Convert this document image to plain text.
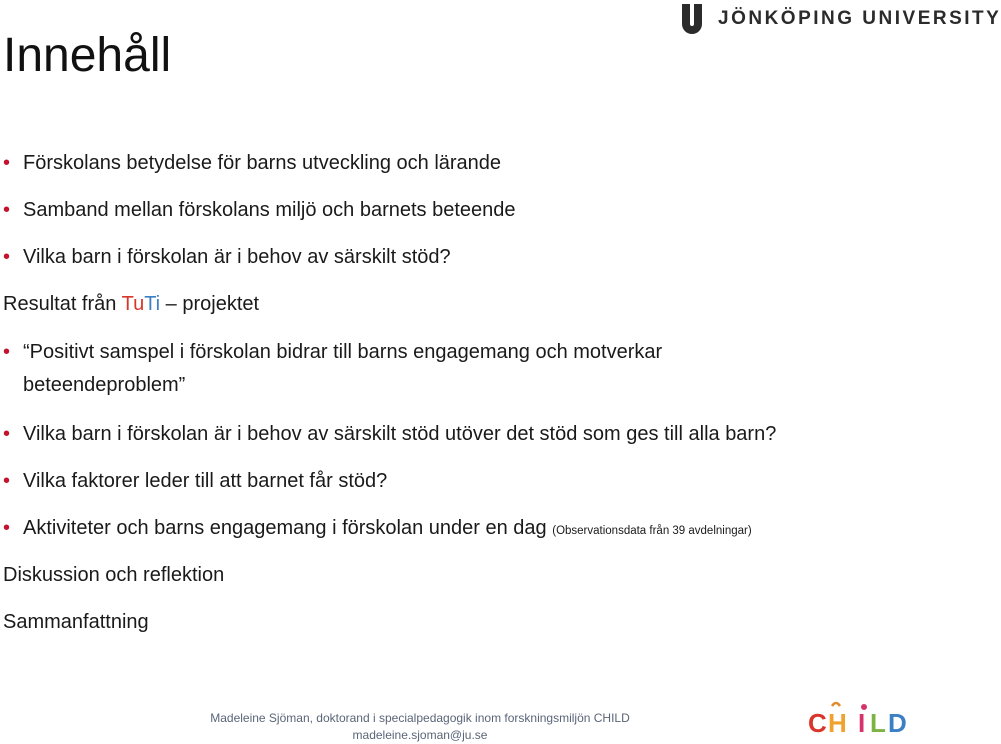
JÖNKÖPING UNIVERSITY
Innehåll
•
Förskolans betydelse för barns utveckling och lärande
•
Samband mellan förskolans miljö och barnets beteende
•
Vilka barn i förskolan är i behov av särskilt stöd?
Resultat från TuTi – projektet
•
“Positivt samspel i förskolan bidrar till barns engagemang och motverkar
beteendeproblem”
•
Vilka barn i förskolan är i behov av särskilt stöd utöver det stöd som ges till alla barn?
•
Vilka faktorer leder till att barnet får stöd?
•
Aktiviteter och barns engagemang i förskolan under en dag (Observationsdata från 39 avdelningar)
Diskussion och reflektion
Sammanfattning
Madeleine Sjöman, doktorand i specialpedagogik inom forskningsmiljön CHILD
madeleine.sjoman@ju.se	C H I L D
